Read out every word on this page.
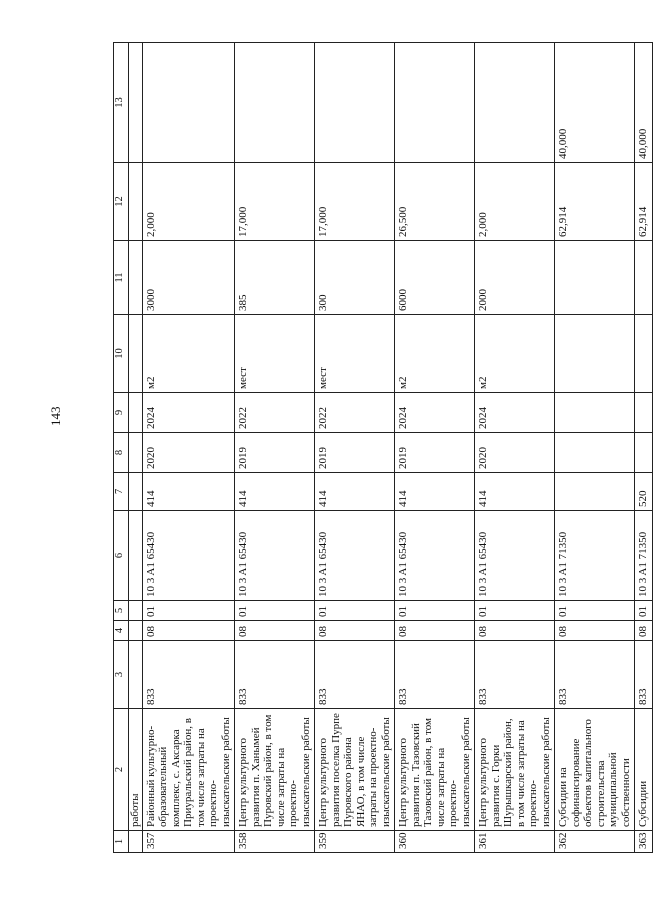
143
1	2	3	4	5	6	7	8	9	10	11	12	13
	работы											
357	Районный культурно-образовательный комплекс, с. Аксарка Приуральский район, в том числе затраты на проектно-изыскательские работы	833	08	01	10 3 A1 65430	414	2020	2024	м2	3000	2,000	
358	Центр культурного развития п. Ханымей Пуровский район, в том числе затраты на проектно-изыскательские работы	833	08	01	10 3 A1 65430	414	2019	2022	мест	385	17,000	
359	Центр культурного развития поселка Пурпе Пуровского района ЯНАО, в том числе затраты на проектно-изыскательские работы	833	08	01	10 3 A1 65430	414	2019	2022	мест	300	17,000	
360	Центр культурного развития п. Тазовский Тазовский район, в том числе затраты на проектно-изыскательские работы	833	08	01	10 3 A1 65430	414	2019	2024	м2	6000	26,500	
361	Центр культурного развития с. Горки Шурышкарский район, в том числе затраты на проектно-изыскательские работы	833	08	01	10 3 A1 65430	414	2020	2024	м2	2000	2,000	
362	Субсидии на софинансирование объектов капитального строительства муниципальной собственности	833	08	01	10 3 A1 71350						62,914	40,000
363	Субсидии	833	08	01	10 3 A1 71350	520					62,914	40,000
